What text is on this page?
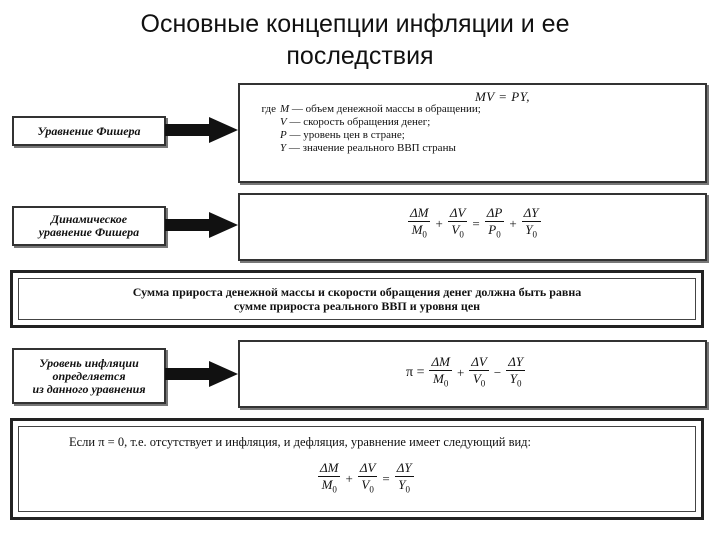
Основные концепции инфляции и ее
последствия
Уравнение Фишера
MV = PY,
где M — объем денежной массы в обращении;
V — скорость обращения денег;
P — уровень цен в стране;
Y — значение реального ВВП страны
Динамическое
уравнение Фишера	$\frac{\Delta M}{M_0} + \frac{\Delta V}{V_0} = \frac{\Delta P}{P_0} + \frac{\Delta Y}{Y_0}$
Сумма прироста денежной массы и скорости обращения денег должна быть равна
сумме прироста реального ВВП и уровня цен
Уровень инфляции
определяется
из данного уравнения
$\pi = \frac{\Delta M}{M_0} + \frac{\Delta V}{V_0} - \frac{\Delta Y}{Y_0}$
Если π = 0, т.е. отсутствует и инфляция, и дефляция, уравнение имеет следующий вид:
$\frac{\Delta M}{M_0} + \frac{\Delta V}{V_0} = \frac{\Delta Y}{Y_0}$
